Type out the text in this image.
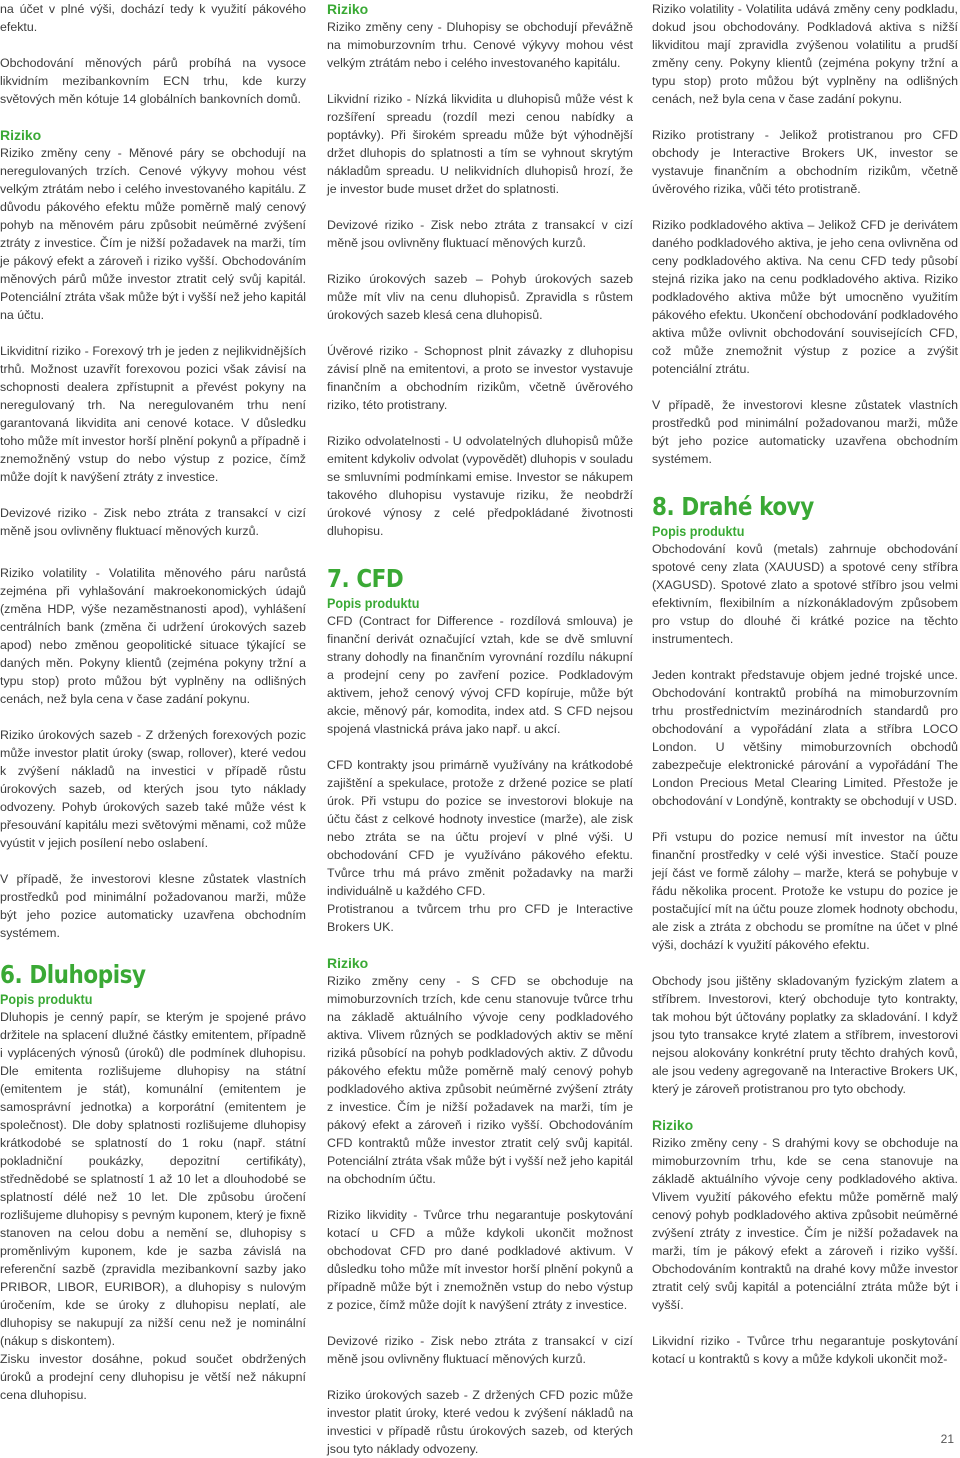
na účet v plné výši, dochází tedy k využití pákového efektu.

Obchodování měnových párů probíhá na vysoce likvidním mezibankovním ECN trhu, kde kurzy světových měn kótuje 14 globálních bankovních domů.

Riziko

Riziko změny ceny - Měnové páry se obchodují na neregulovaných trzích. Cenové výkyvy mohou vést velkým ztrátám nebo i celého investovaného kapitálu. Z důvodu pákového efektu může poměrně malý cenový pohyb na měnovém páru způsobit neúměrné zvýšení ztráty z investice. Čím je nižší požadavek na marži, tím je pákový efekt a zároveň i riziko vyšší. Obchodováním měnových párů může investor ztratit celý svůj kapitál. Potenciální ztráta však může být i vyšší než jeho kapitál na účtu.

Likviditní riziko - Forexový trh je jeden z nejlikvidnějších trhů. Možnost uzavřít forexovou pozici však závisí na schopnosti dealera zpřístupnit a převést pokyny na neregulovaný trh. Na neregulovaném trhu není garantovaná likvidita ani cenové kotace. V důsledku toho může mít investor horší plnění pokynů a případně i znemožněný vstup do nebo výstup z pozice, čímž může dojít k navýšení ztráty z investice.

Devizové riziko - Zisk nebo ztráta z transakcí v cizí měně jsou ovlivněny fluktuací měnových kurzů.

Riziko volatility - Volatilita měnového páru narůstá zejména při vyhlašování makroekonomických údajů (změna HDP, výše nezaměstnanosti apod), vyhlášení centrálních bank (změna či udržení úrokových sazeb apod) nebo změnou geopolitické situace týkající se daných měn. Pokyny klientů (zejména pokyny tržní a typu stop) proto můžou být vyplněny na odlišných cenách, než byla cena v čase zadání pokynu.

Riziko úrokových sazeb - Z držených forexových pozic může investor platit úroky (swap, rollover), které vedou k zvýšení nákladů na investici v případě růstu úrokových sazeb, od kterých jsou tyto náklady odvozeny. Pohyb úrokových sazeb také může vést k přesouvání kapitálu mezi světovými měnami, což může vyústit v jejich posílení nebo oslabení.

V případě, že investorovi klesne zůstatek vlastních prostředků pod minimální požadovanou marži, může být jeho pozice automaticky uzavřena obchodním systémem.

6. Dluhopisy

Popis produktu

Dluhopis je cenný papír, se kterým je spojené právo držitele na splacení dlužné částky emitentem, případně i vyplácených výnosů (úroků) dle podmínek dluhopisu. Dle emitenta rozlišujeme dluhopisy na státní (emitentem je stát), komunální (emitentem je samosprávní jednotka) a korporátní (emitentem je společnost). Dle doby splatnosti rozlišujeme dluhopisy krátkodobé se splatností do 1 roku (např. státní pokladniční poukázky, depozitní certifikáty), střednědobé se splatností 1 až 10 let a dlouhodobé se splatností délé než 10 let. Dle způsobu úročení rozlišujeme dluhopisy s pevným kuponem, který je fixně stanoven na celou dobu a nemění se, dluhopisy s proměnlivým kuponem, kde je sazba závislá na referenční sazbě (zpravidla mezibankovní sazby jako PRIBOR, LIBOR, EURIBOR), a dluhopisy s nulovým úročením, kde se úroky z dluhopisu neplatí, ale dluhopisy se nakupují za nižší cenu než je nominální (nákup s diskontem).

Zisku investor dosáhne, pokud součet obdržených úroků a prodejní ceny dluhopisu je větší než nákupní cena dluhopisu.

Riziko

Riziko změny ceny - Dluhopisy se obchodují převážně na mimoburzovním trhu. Cenové výkyvy mohou vést velkým ztrátám nebo i celého investovaného kapitálu.

Likvidní riziko - Nízká likvidita u dluhopisů může vést k rozšíření spreadu (rozdíl mezi cenou nabídky a poptávky). Při širokém spreadu může být výhodnější držet dluhopis do splatnosti a tím se vyhnout skrytým nákladům spreadu. U nelikvidních dluhopisů hrozí, že je investor bude muset držet do splatnosti.

Devizové riziko - Zisk nebo ztráta z transakcí v cizí měně jsou ovlivněny fluktuací měnových kurzů.

Riziko úrokových sazeb – Pohyb úrokových sazeb může mít vliv na cenu dluhopisů. Zpravidla s růstem úrokových sazeb klesá cena dluhopisů.

Úvěrové riziko - Schopnost plnit závazky z dluhopisu závisí plně na emitentovi, a proto se investor vystavuje finančním a obchodním rizikům, včetně úvěrového riziko, této protistrany.

Riziko odvolatelnosti - U odvolatelných dluhopisů může emitent kdykoliv odvolat (vypovědět) dluhopis v souladu se smluvními podmínkami emise. Investor se nákupem takového dluhopisu vystavuje riziku, že neobdrží úrokové výnosy z celé předpokládané životnosti dluhopisu.

7. CFD

Popis produktu

CFD (Contract for Difference - rozdílová smlouva) je finanční derivát označující vztah, kde se dvě smluvní strany dohodly na finančním vyrovnání rozdílu nákupní a prodejní ceny po zavření pozice. Podkladovým aktivem, jehož cenový vývoj CFD kopíruje, může být akcie, měnový pár, komodita, index atd. S CFD nejsou spojená vlastnická práva jako např. u akcí.

CFD kontrakty jsou primárně využívány na krátkodobé zajištění a spekulace, protože z držené pozice se platí úrok. Při vstupu do pozice se investorovi blokuje na účtu část z celkové hodnoty investice (marže), ale zisk nebo ztráta se na účtu projeví v plné výši. U obchodování CFD je využíváno pákového efektu. Tvůrce trhu má právo změnit požadavky na marži individuálně u každého CFD.

Protistranou a tvůrcem trhu pro CFD je Interactive Brokers UK.

Riziko

Riziko změny ceny - S CFD se obchoduje na mimoburzovních trzích, kde cenu stanovuje tvůrce trhu na základě aktuálního vývoje ceny podkladového aktiva. Vlivem různých se podkladových aktiv se mění riziká působící na pohyb podkladových aktiv. Z důvodu pákového efektu může poměrně malý cenový pohyb podkladového aktiva způsobit neúměrné zvýšení ztráty z investice. Čím je nižší požadavek na marži, tím je pákový efekt a zároveň i riziko vyšší. Obchodováním CFD kontraktů může investor ztratit celý svůj kapitál. Potenciální ztráta však může být i vyšší než jeho kapitál na obchodním účtu.

Riziko likvidity - Tvůrce trhu negarantuje poskytování kotací u CFD a může kdykoli ukončit možnost obchodovat CFD pro dané podkladové aktivum. V důsledku toho může mít investor horší plnění pokynů a případně může být i znemožněn vstup do nebo výstup z pozice, čímž může dojít k navýšení ztráty z investice.

Devizové riziko - Zisk nebo ztráta z transakcí v cizí měně jsou ovlivněny fluktuací měnových kurzů.

Riziko úrokových sazeb - Z držených CFD pozic může investor platit úroky, které vedou k zvýšení nákladů na investici v případě růstu úrokových sazeb, od kterých jsou tyto náklady odvozeny.

Riziko volatility - Volatilita udává změny ceny podkladu, dokud jsou obchodovány. Podkladová aktiva s nižší likviditou mají zpravidla zvýšenou volatilitu a prudší změny ceny. Pokyny klientů (zejména pokyny tržní a typu stop) proto můžou být vyplněny na odlišných cenách, než byla cena v čase zadání pokynu.

Riziko protistrany - Jelikož protistranou pro CFD obchody je Interactive Brokers UK, investor se vystavuje finančním a obchodním rizikům, včetně úvěrového rizika, vůči této protistraně.

Riziko podkladového aktiva – Jelikož CFD je derivátem daného podkladového aktiva, je jeho cena ovlivněna od ceny podkladového aktiva. Na cenu CFD tedy působí stejná rizika jako na cenu podkladového aktiva. Riziko podkladového aktiva může být umocněno využitím pákového efektu. Ukončení obchodování podkladového aktiva může ovlivnit obchodování souvisejících CFD, což může znemožnit výstup z pozice a zvýšit potenciální ztrátu.

V případě, že investorovi klesne zůstatek vlastních prostředků pod minimální požadovanou marži, může být jeho pozice automaticky uzavřena obchodním systémem.

8. Drahé kovy

Popis produktu

Obchodování kovů (metals) zahrnuje obchodování spotové ceny zlata (XAUUSD) a spotové ceny stříbra (XAGUSD). Spotové zlato a spotové stříbro jsou velmi efektivním, flexibilním a nízkonákladovým způsobem pro vstup do dlouhé či krátké pozice na těchto instrumentech.

Jeden kontrakt představuje objem jedné trojské unce. Obchodování kontraktů probíhá na mimoburzovním trhu prostřednictvím mezinárodních standardů pro obchodování a vypořádání zlata a stříbra LOCO London. U většiny mimoburzovních obchodů zabezpečuje elektronické párování a vypořádání The London Precious Metal Clearing Limited. Přestože je obchodování v Londýně, kontrakty se obchodují v USD.

Při vstupu do pozice nemusí mít investor na účtu finanční prostředky v celé výši investice. Stačí pouze její část ve formě zálohy – marže, která se pohybuje v řádu několika procent. Protože ke vstupu do pozice je postačující mít na účtu pouze zlomek hodnoty obchodu, ale zisk a ztráta z obchodu se promítne na účet v plné výši, dochází k využití pákového efektu.

Obchody jsou jištěny skladovaným fyzickým zlatem a stříbrem. Investorovi, který obchoduje tyto kontrakty, tak mohou být účtovány poplatky za skladování. I když jsou tyto transakce kryté zlatem a stříbrem, investorovi nejsou alokovány konkrétní pruty těchto drahých kovů, ale jsou vedeny agregovaně na Interactive Brokers UK, který je zároveň protistranou pro tyto obchody.

Riziko

Riziko změny ceny - S drahými kovy se obchoduje na mimoburzovním trhu, kde se cena stanovuje na základě aktuálního vývoje ceny podkladového aktiva. Vlivem využití pákového efektu může poměrně malý cenový pohyb podkladového aktiva způsobit neúměrné zvýšení ztráty z investice. Čím je nižší požadavek na marži, tím je pákový efekt a zároveň i riziko vyšší. Obchodováním kontraktů na drahé kovy může investor ztratit celý svůj kapitál a potenciální ztráta může být i vyšší.

Likvidní riziko - Tvůrce trhu negarantuje poskytování kotací u kontraktů s kovy a může kdykoli ukončit mož-

21
